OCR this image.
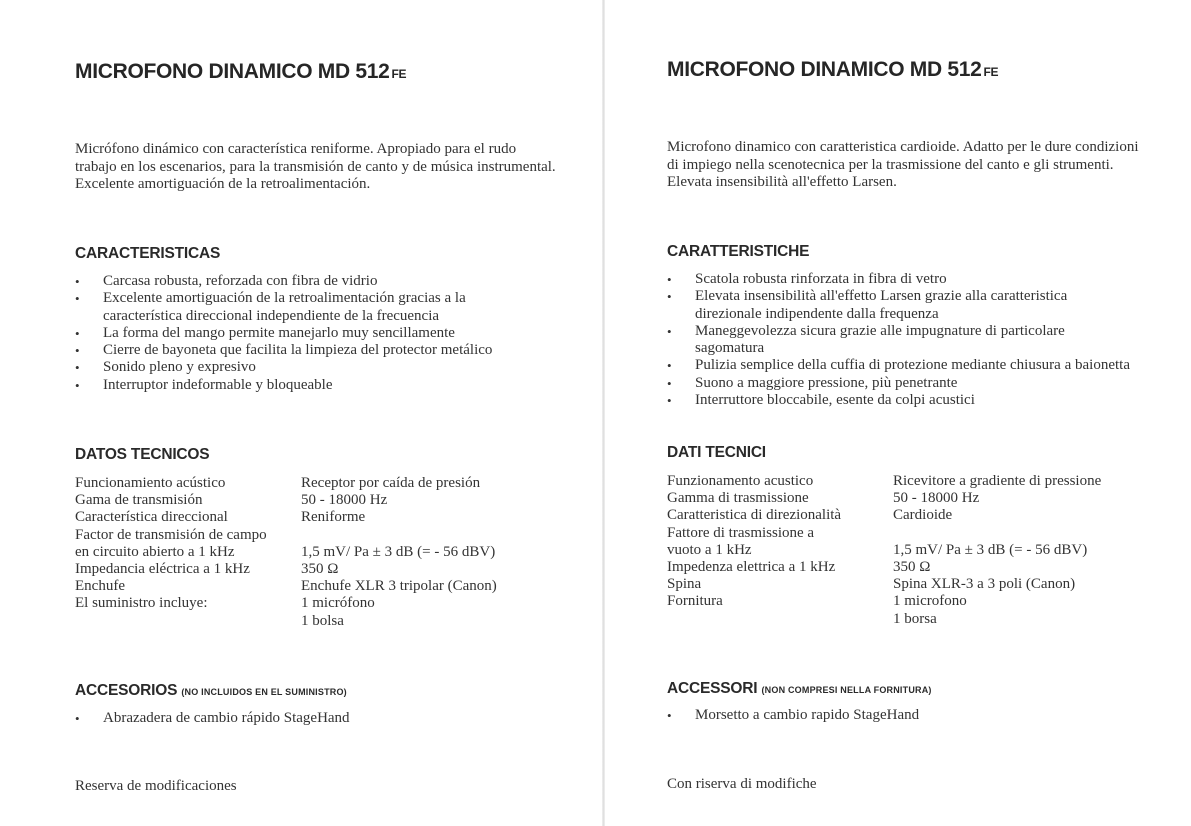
MICROFONO DINAMICO MD 512 FE
Micrófono dinámico con característica reniforme. Apropiado para el rudo trabajo en los escenarios, para la transmisión de canto y de música instrumental. Excelente amortiguación de la retroalimentación.
CARACTERISTICAS
• Carcasa robusta, reforzada con fibra de vidrio
• Excelente amortiguación de la retroalimentación gracias a la característica direccional independiente de la frecuencia
• La forma del mango permite manejarlo muy sencillamente
• Cierre de bayoneta que facilita la limpieza del protector metálico
• Sonido pleno y expresivo
• Interruptor indeformable y bloqueable
DATOS TECNICOS
Funcionamiento acústico	Receptor por caída de presión
Gama de transmisión	50 - 18000 Hz
Característica direccional	Reniforme
Factor de transmisión de campo
en circuito abierto a 1 kHz	1,5 mV/ Pa ± 3 dB (= - 56 dBV)
Impedancia eléctrica a 1 kHz	350 Ω
Enchufe	Enchufe XLR 3 tripolar (Canon)
El suministro incluye:	1 micrófono
1 bolsa
ACCESORIOS (NO INCLUIDOS EN EL SUMINISTRO)
• Abrazadera de cambio rápido StageHand
Reserva de modificaciones
MICROFONO DINAMICO MD 512 FE
Microfono dinamico con caratteristica cardioide. Adatto per le dure condizioni di impiego nella scenotecnica per la trasmissione del canto e gli strumenti. Elevata insensibilità all'effetto Larsen.
CARATTERISTICHE
• Scatola robusta rinforzata in fibra di vetro
• Elevata insensibilità all'effetto Larsen grazie alla caratteristica direzionale indipendente dalla frequenza
• Maneggevolezza sicura grazie alle impugnature di particolare sagomatura
• Pulizia semplice della cuffia di protezione mediante chiusura a baionetta
• Suono a maggiore pressione, più penetrante
• Interruttore bloccabile, esente da colpi acustici
DATI TECNICI
Funzionamento acustico	Ricevitore a gradiente di pressione
Gamma di trasmissione	50 - 18000 Hz
Caratteristica di direzionalità	Cardioide
Fattore di trasmissione a
vuoto a 1 kHz	1,5 mV/ Pa ± 3 dB (= - 56 dBV)
Impedenza elettrica a 1 kHz	350 Ω
Spina	Spina XLR-3 a 3 poli (Canon)
Fornitura	1 microfono
1 borsa
ACCESSORI (NON COMPRESI NELLA FORNITURA)
• Morsetto a cambio rapido StageHand
Con riserva di modifiche
